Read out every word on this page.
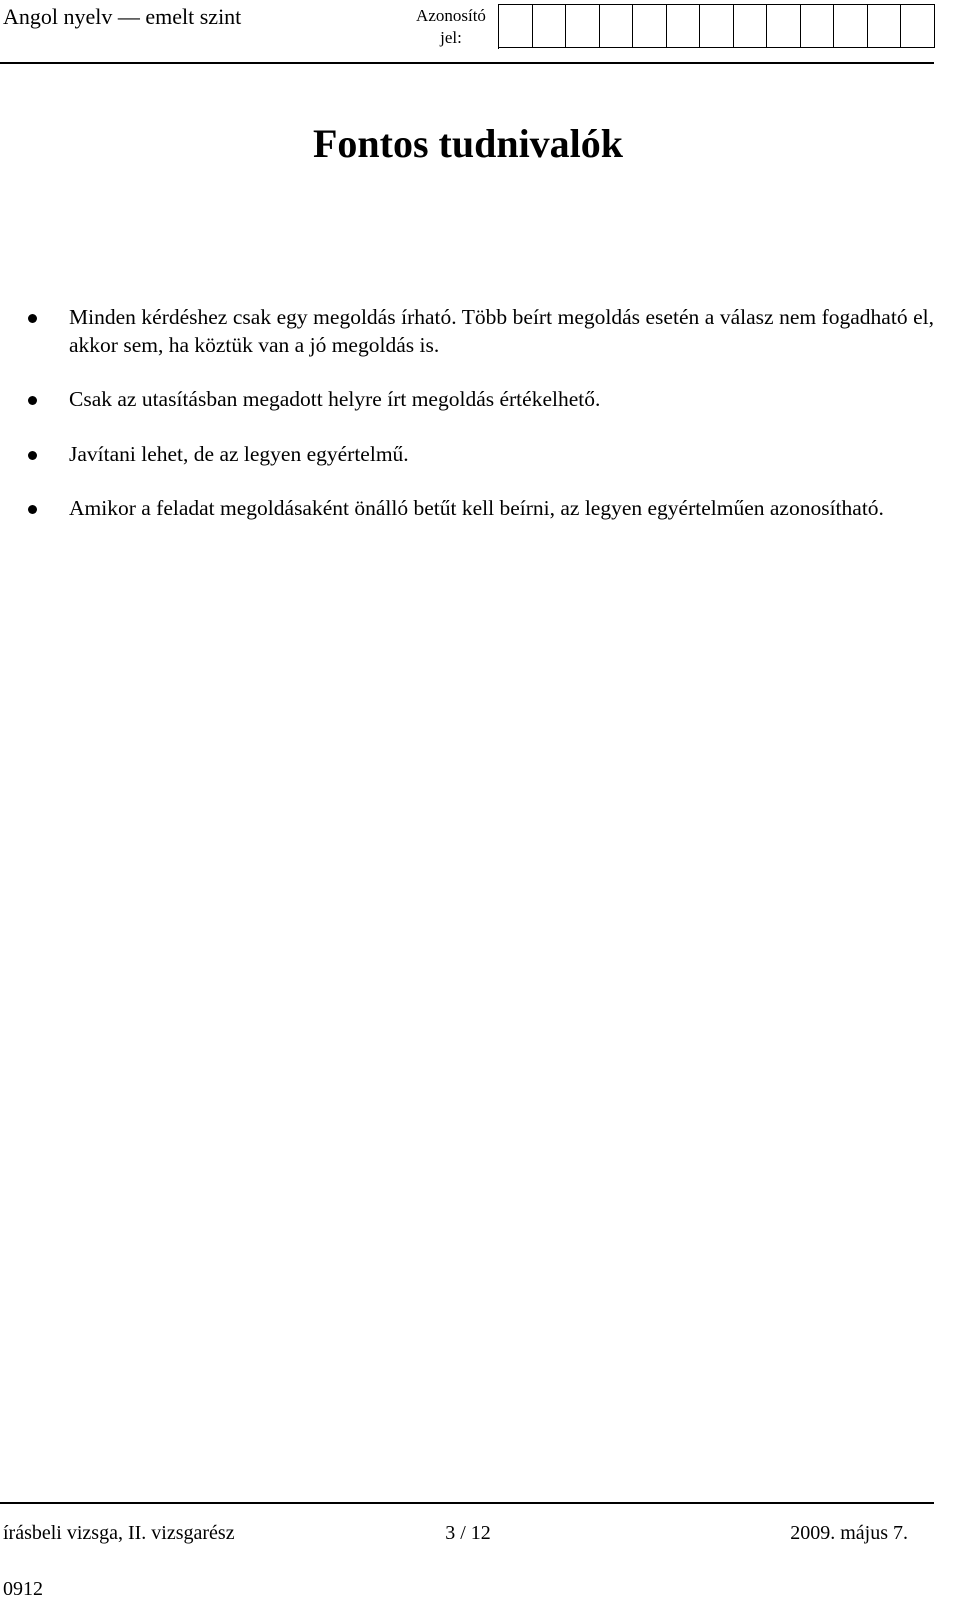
Angol nyelv — emelt szint	Azonosító jel:
Fontos tudnivalók
Minden kérdéshez csak egy megoldás írható. Több beírt megoldás esetén a válasz nem fogadható el, akkor sem, ha köztük van a jó megoldás is.
Csak az utasításban megadott helyre írt megoldás értékelhető.
Javítani lehet, de az legyen egyértelmű.
Amikor a feladat megoldásaként önálló betűt kell beírni, az legyen egyértelműen azonosítható.
írásbeli vizsga, II. vizsgarész
0912
3 / 12	2009. május 7.
